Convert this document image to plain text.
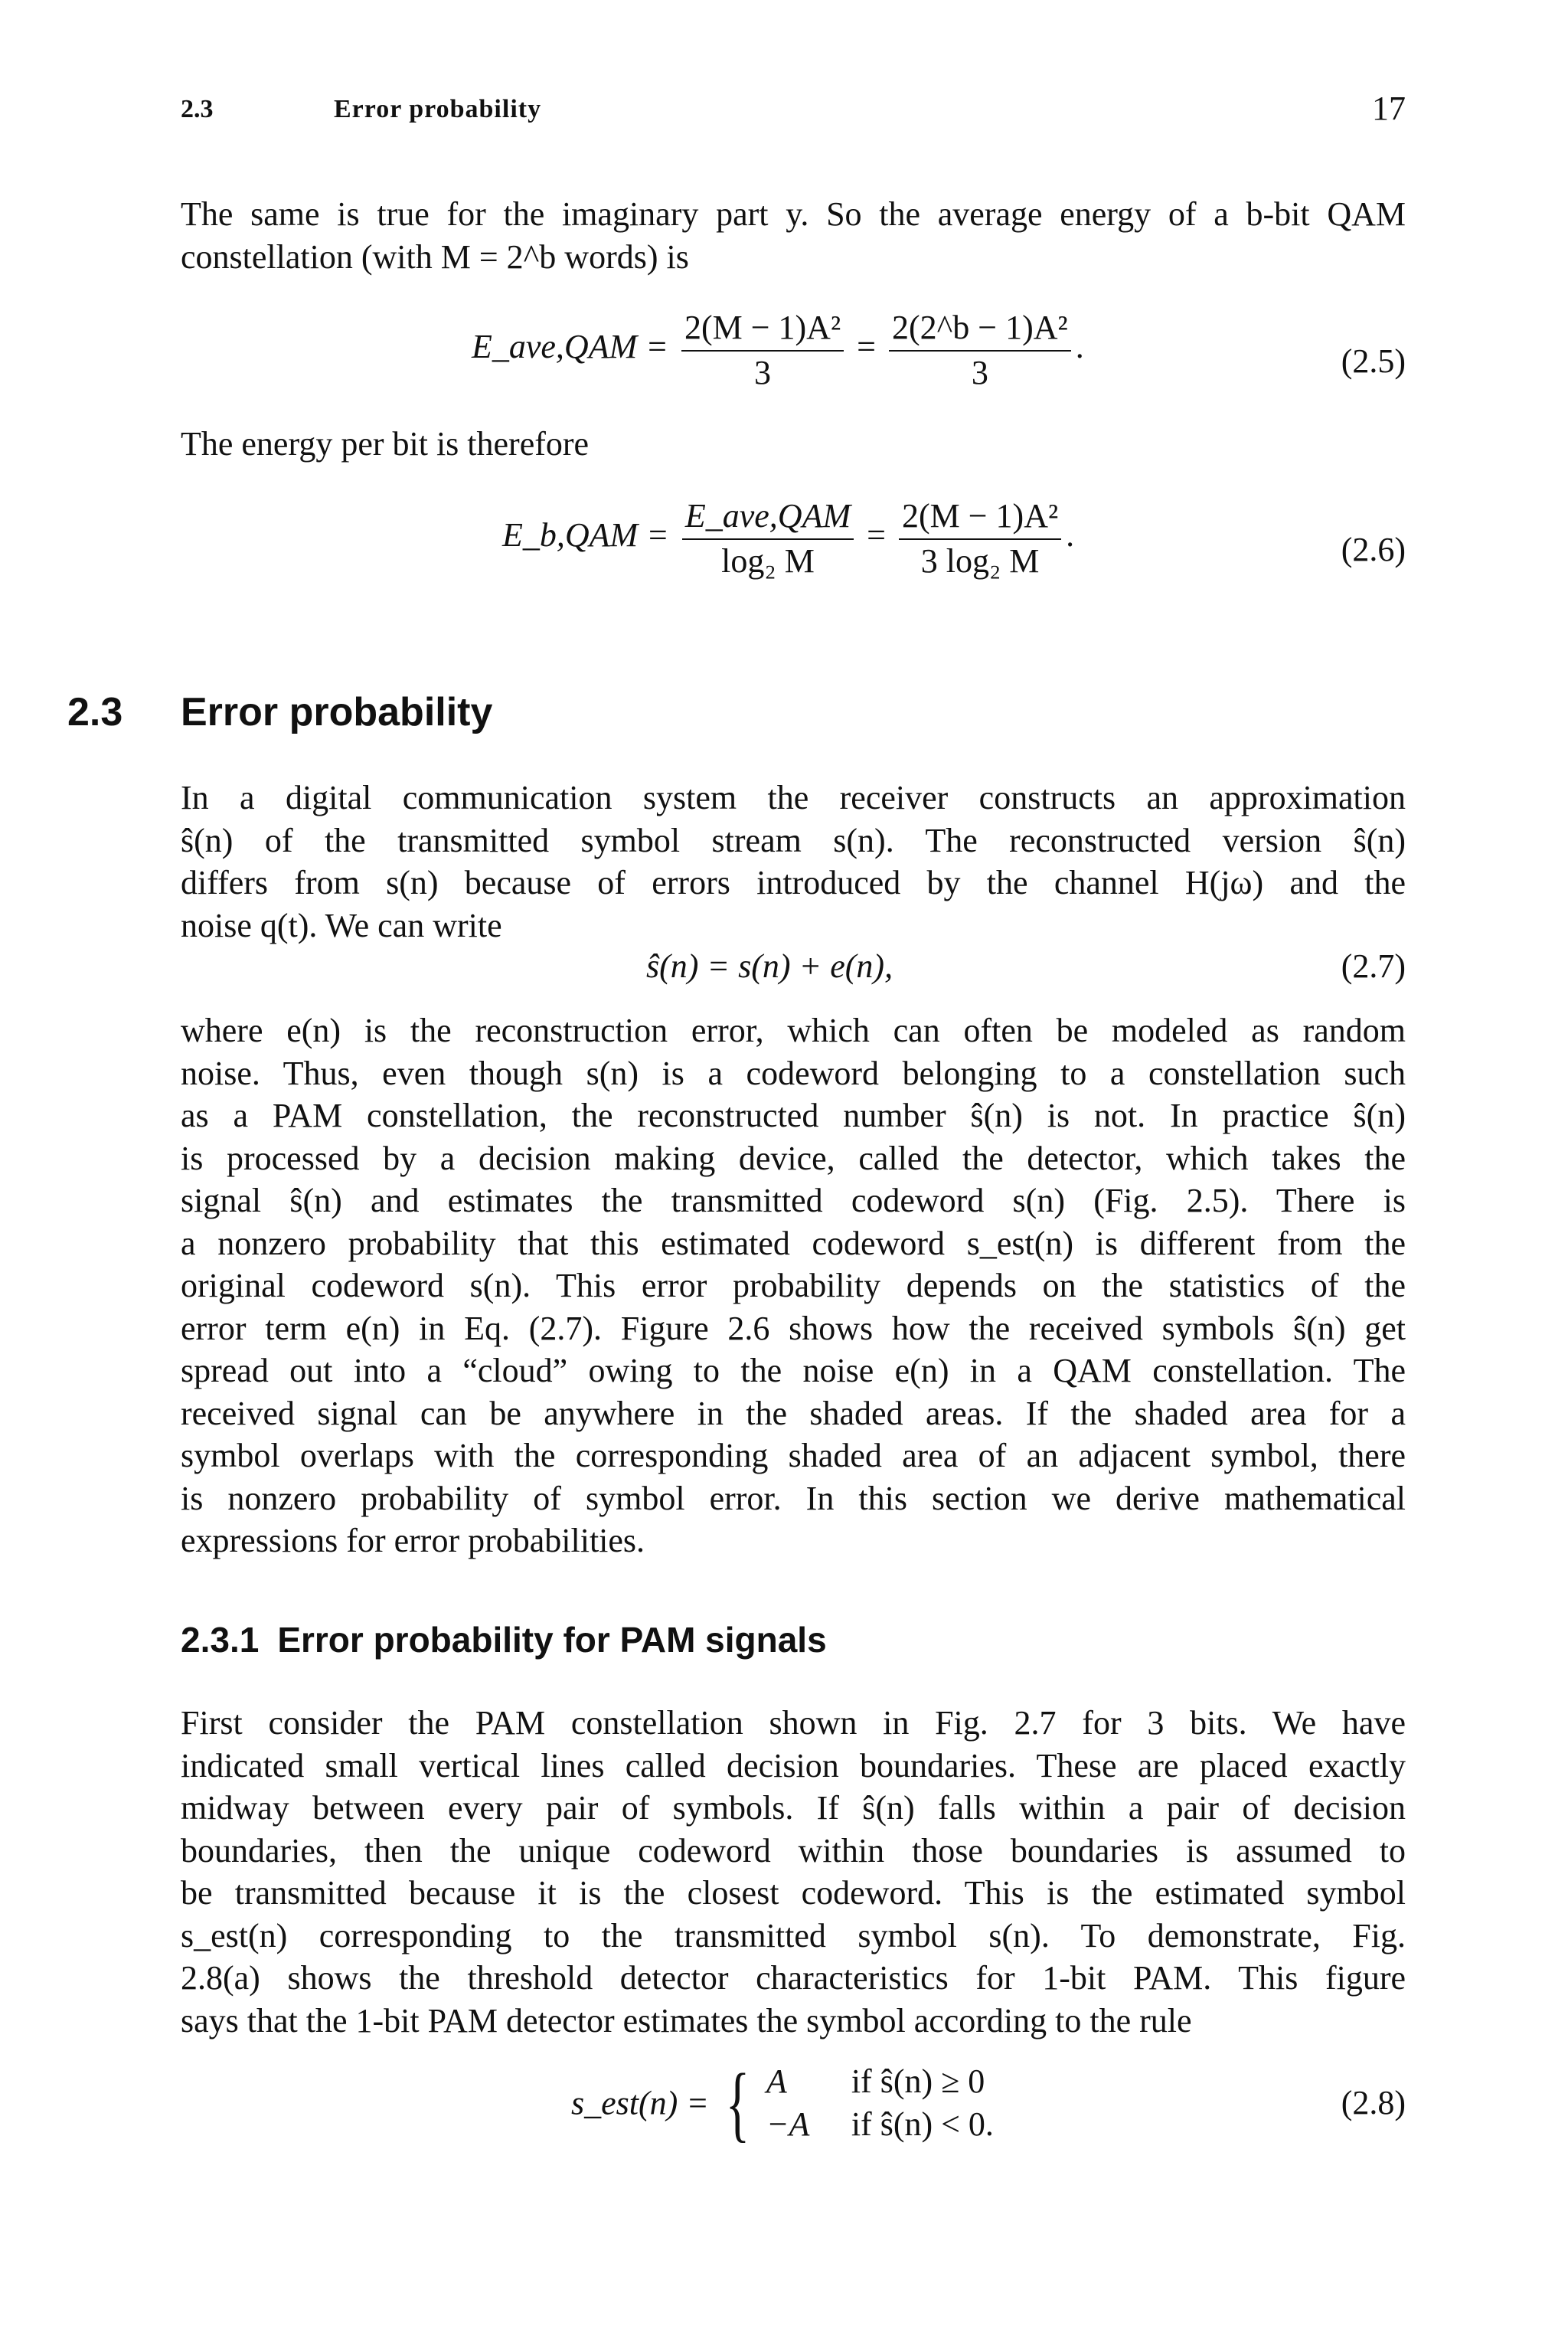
2.3	Error probability	17
The same is true for the imaginary part y. So the average energy of a b-bit QAM
constellation (with M = 2^b words) is
E_ave,QAM = $\frac{\text{2(M − 1)A²}}{3} = \frac{\text{2(2\textasciicircum{}b − 1)A²}}{3}$ .	(2.5)
The energy per bit is therefore
E_b,QAM = $\frac{\text{E\_ave,QAM}}{\text{log₂ M}} = \frac{\text{2(M − 1)A²}}{\text{3 log₂ M}}$ .	(2.6)
2.3 Error probability
In a digital communication system the receiver constructs an approximation
ŝ(n) of the transmitted symbol stream s(n). The reconstructed version ŝ(n)
differs from s(n) because of errors introduced by the channel H(jω) and the
noise q(t). We can write
ŝ(n) = s(n) + e(n),	(2.7)
where e(n) is the reconstruction error, which can often be modeled as random
noise. Thus, even though s(n) is a codeword belonging to a constellation such
as a PAM constellation, the reconstructed number ŝ(n) is not. In practice ŝ(n)
is processed by a decision making device, called the detector, which takes the
signal ŝ(n) and estimates the transmitted codeword s(n) (Fig. 2.5). There is
a nonzero probability that this estimated codeword s_est(n) is different from the
original codeword s(n). This error probability depends on the statistics of the
error term e(n) in Eq. (2.7). Figure 2.6 shows how the received symbols ŝ(n) get
spread out into a “cloud” owing to the noise e(n) in a QAM constellation. The
received signal can be anywhere in the shaded areas. If the shaded area for a
symbol overlaps with the corresponding shaded area of an adjacent symbol, there
is nonzero probability of symbol error. In this section we derive mathematical
expressions for error probabilities.
2.3.1 Error probability for PAM signals
First consider the PAM constellation shown in Fig. 2.7 for 3 bits. We have
indicated small vertical lines called decision boundaries. These are placed exactly
midway between every pair of symbols. If ŝ(n) falls within a pair of decision
boundaries, then the unique codeword within those boundaries is assumed to
be transmitted because it is the closest codeword. This is the estimated symbol
s_est(n) corresponding to the transmitted symbol s(n). To demonstrate, Fig.
2.8(a) shows the threshold detector characteristics for 1-bit PAM. This figure
says that the 1-bit PAM detector estimates the symbol according to the rule
s_est(n) = { A if ŝ(n) ≥ 0
−A if ŝ(n) < 0.
(2.8)
